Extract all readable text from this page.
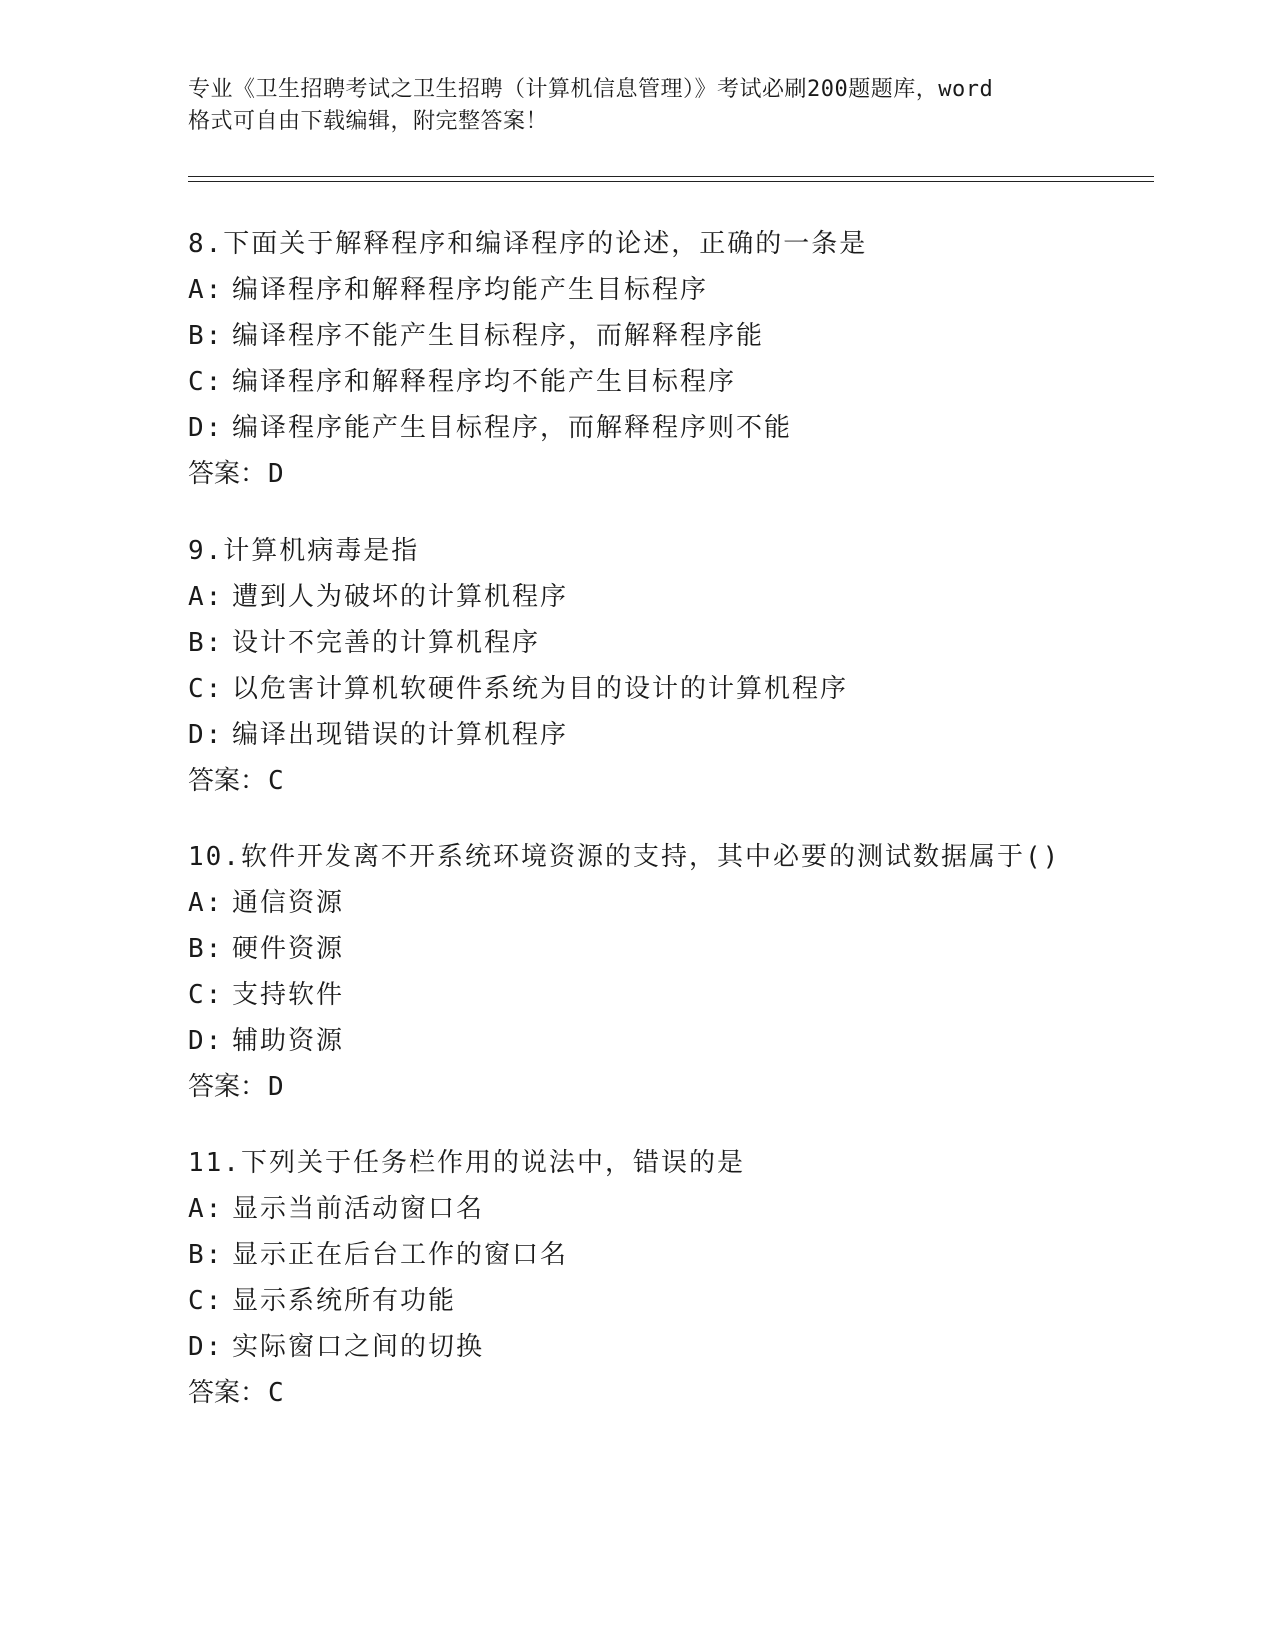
专业《卫生招聘考试之卫生招聘（计算机信息管理）》考试必刷200题题库，word
格式可自由下载编辑，附完整答案！
8.下面关于解释程序和编译程序的论述，正确的一条是
A: 编译程序和解释程序均能产生目标程序
B: 编译程序不能产生目标程序，而解释程序能
C: 编译程序和解释程序均不能产生目标程序
D: 编译程序能产生目标程序，而解释程序则不能
答案：D
9.计算机病毒是指
A: 遭到人为破坏的计算机程序
B: 设计不完善的计算机程序
C: 以危害计算机软硬件系统为目的设计的计算机程序
D: 编译出现错误的计算机程序
答案：C
10.软件开发离不开系统环境资源的支持，其中必要的测试数据属于()
A: 通信资源
B: 硬件资源
C: 支持软件
D: 辅助资源
答案：D
11.下列关于任务栏作用的说法中，错误的是
A: 显示当前活动窗口名
B: 显示正在后台工作的窗口名
C: 显示系统所有功能
D: 实际窗口之间的切换
答案：C
